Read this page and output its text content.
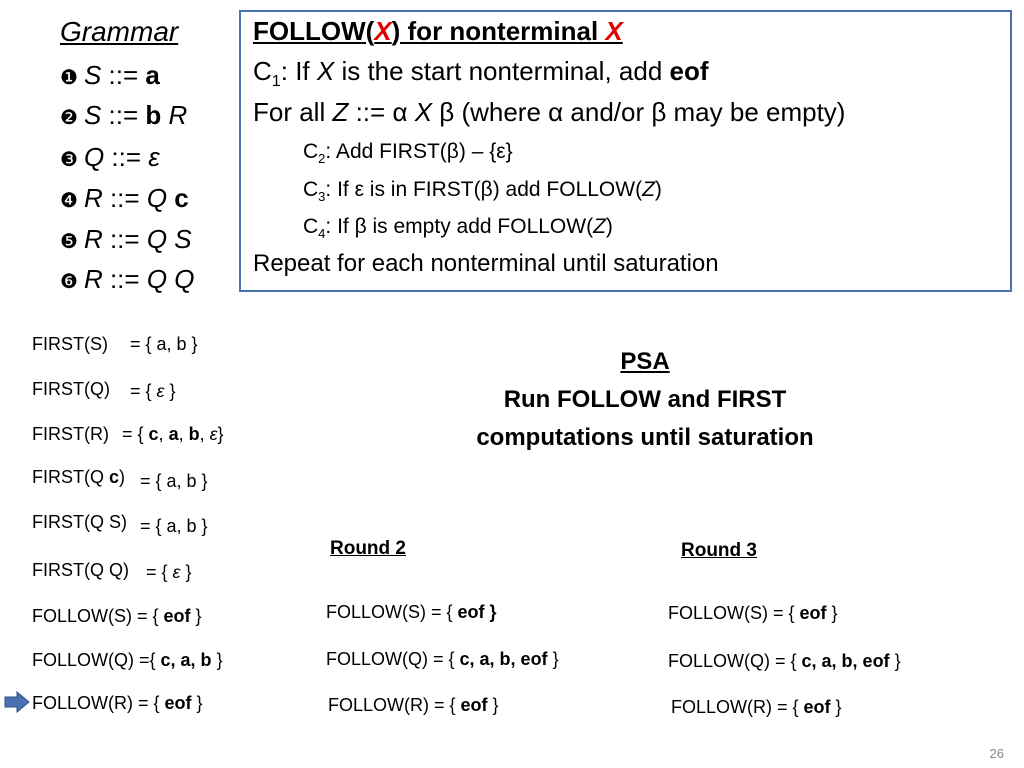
Grammar
❶ S ::= a
❷ S ::= b R
❸ Q ::= ε
❹ R ::= Q c
❺ R ::= Q S
❻ R ::= Q Q
FOLLOW(X) for nonterminal X
$C_1$: If X is the start nonterminal, add eof
For all Z ::= α X β (where α and/or β may be empty)
$C_2$: Add FIRST(β) – {ε}
$C_3$: If ε is in FIRST(β) add FOLLOW(Z)
$C_4$: If β is empty add FOLLOW(Z)
Repeat for each nonterminal until saturation
FIRST(S) = { a, b }
FIRST(Q) = { ε }
FIRST(R) = { c, a, b, ε}
FIRST(Q c) = { a, b }
FIRST(Q S) = { a, b }
FIRST(Q Q) = { ε }
FOLLOW(S) = { eof }
FOLLOW(Q) ={ c, a, b }
FOLLOW(R) = { eof }
PSA
Run FOLLOW and FIRST
computations until saturation
Round 2
FOLLOW(S) = { eof }
FOLLOW(Q) = { c, a, b, eof }
FOLLOW(R) = { eof }
Round 3
FOLLOW(S) = { eof }
FOLLOW(Q) = { c, a, b, eof }
FOLLOW(R) = { eof }
26
